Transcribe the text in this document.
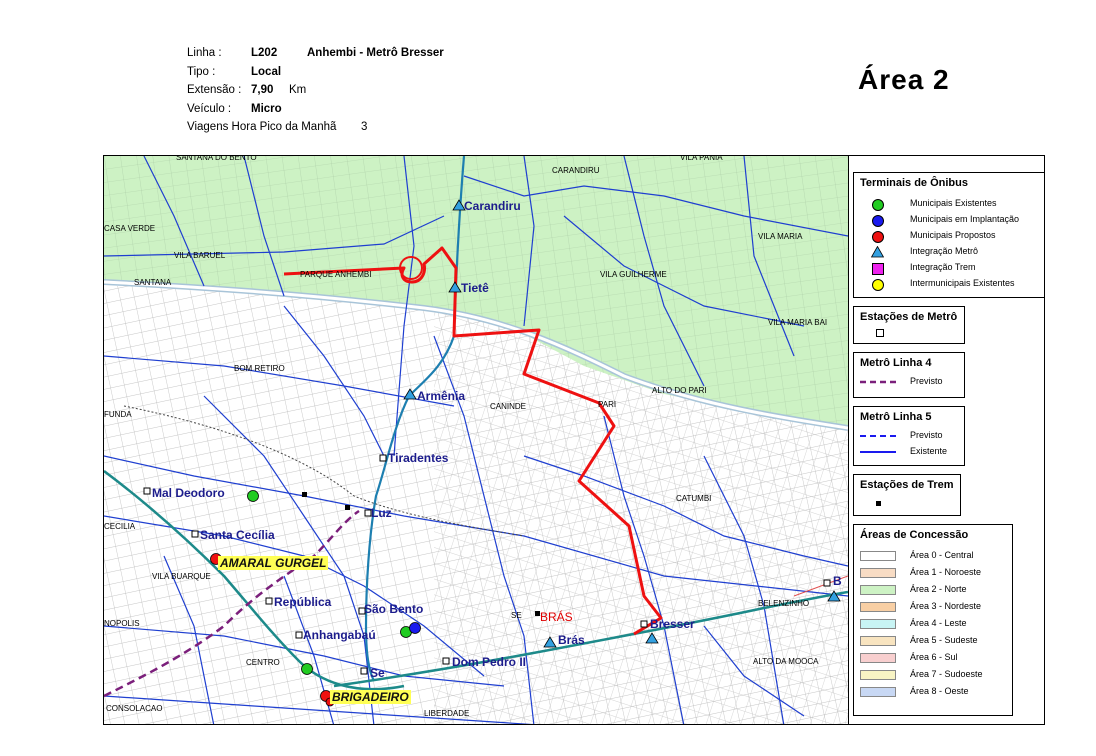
Linha :	L202	Anhembi - Metrô Bresser
Tipo :	Local
Extensão : 7,90 Km
Veículo : Micro
Viagens Hora Pico da Manhã 3
Área 2
SANTANA DO BENTO
CARANDIRU
VILA PANIA
CASA VERDE
VILA BARUEL
SANTANA
PARQUE ANHEMBI	VILA GUILHERME
VILA MARIA
VILA MARIA BAI
BOM RETIRO
CANINDE	PARI
ALTO DO PARI
FUNDA
CATUMBI
CECILIA
VILA BUARQUE
BELENZINHO
NOPOLIS
SE
CENTRO	ALTO DA MOOCA
CONSOLACAO
LIBERDADE
Carandiru
Tietê
Armênia
Tiradentes
Mal Deodoro
Luz
Santa Cecília
República	São Bento
Anhangabaú
Se
Dom Pedro II
Brás
Bresser
B
AMARAL GURGEL
BRIGADEIRO
BRÁS
Terminais de Ônibus
Municipais Existentes
Municipais em Implantação
Municipais Propostos
Integração Metrô
Integração Trem
Intermunicipais Existentes
Estações de Metrô
Metrô Linha 4
Previsto
Metrô Linha 5
Previsto
Existente
Estações de Trem
Áreas de Concessão
Área 0 - Central
Área 1 - Noroeste
Área 2 - Norte
Área 3 - Nordeste
Área 4 - Leste
Área 5 - Sudeste
Área 6 - Sul
Área 7 - Sudoeste
Área 8 - Oeste
